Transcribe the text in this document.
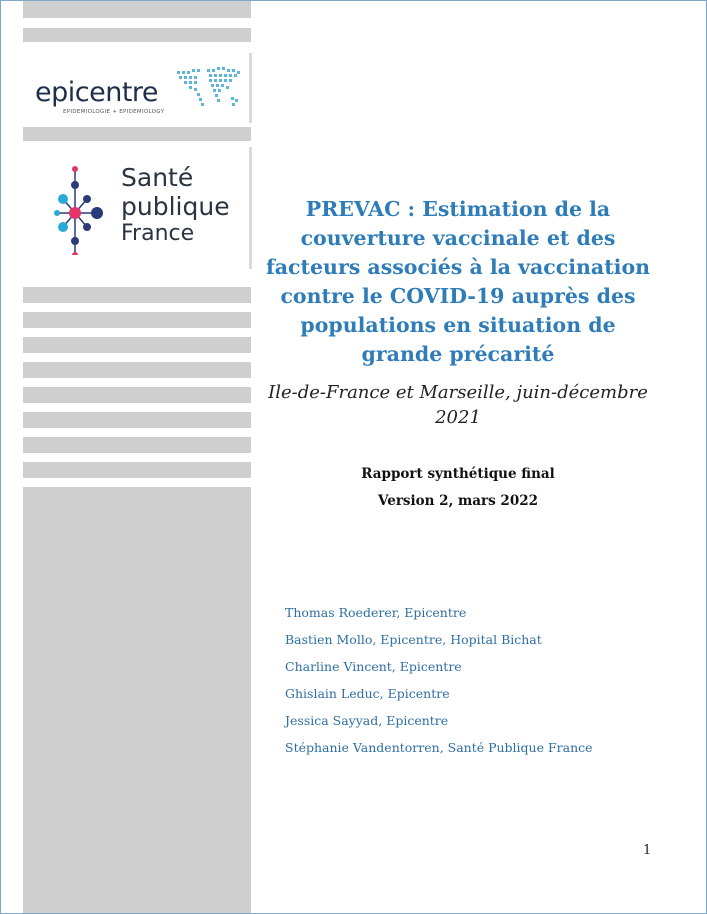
epicentre
EPIDEMIOLOGIE + EPIDEMIOLOGY
Santé
publique
France
PREVAC : Estimation de la couverture vaccinale et des facteurs associés à la vaccination contre le COVID-19 auprès des populations en situation de grande précarité
Ile-de-France et Marseille, juin-décembre 2021
Rapport synthétique final
Version 2, mars 2022
Thomas Roederer, Epicentre
Bastien Mollo, Epicentre, Hopital Bichat
Charline Vincent, Epicentre
Ghislain Leduc, Epicentre
Jessica Sayyad, Epicentre
Stéphanie Vandentorren, Santé Publique France
1
